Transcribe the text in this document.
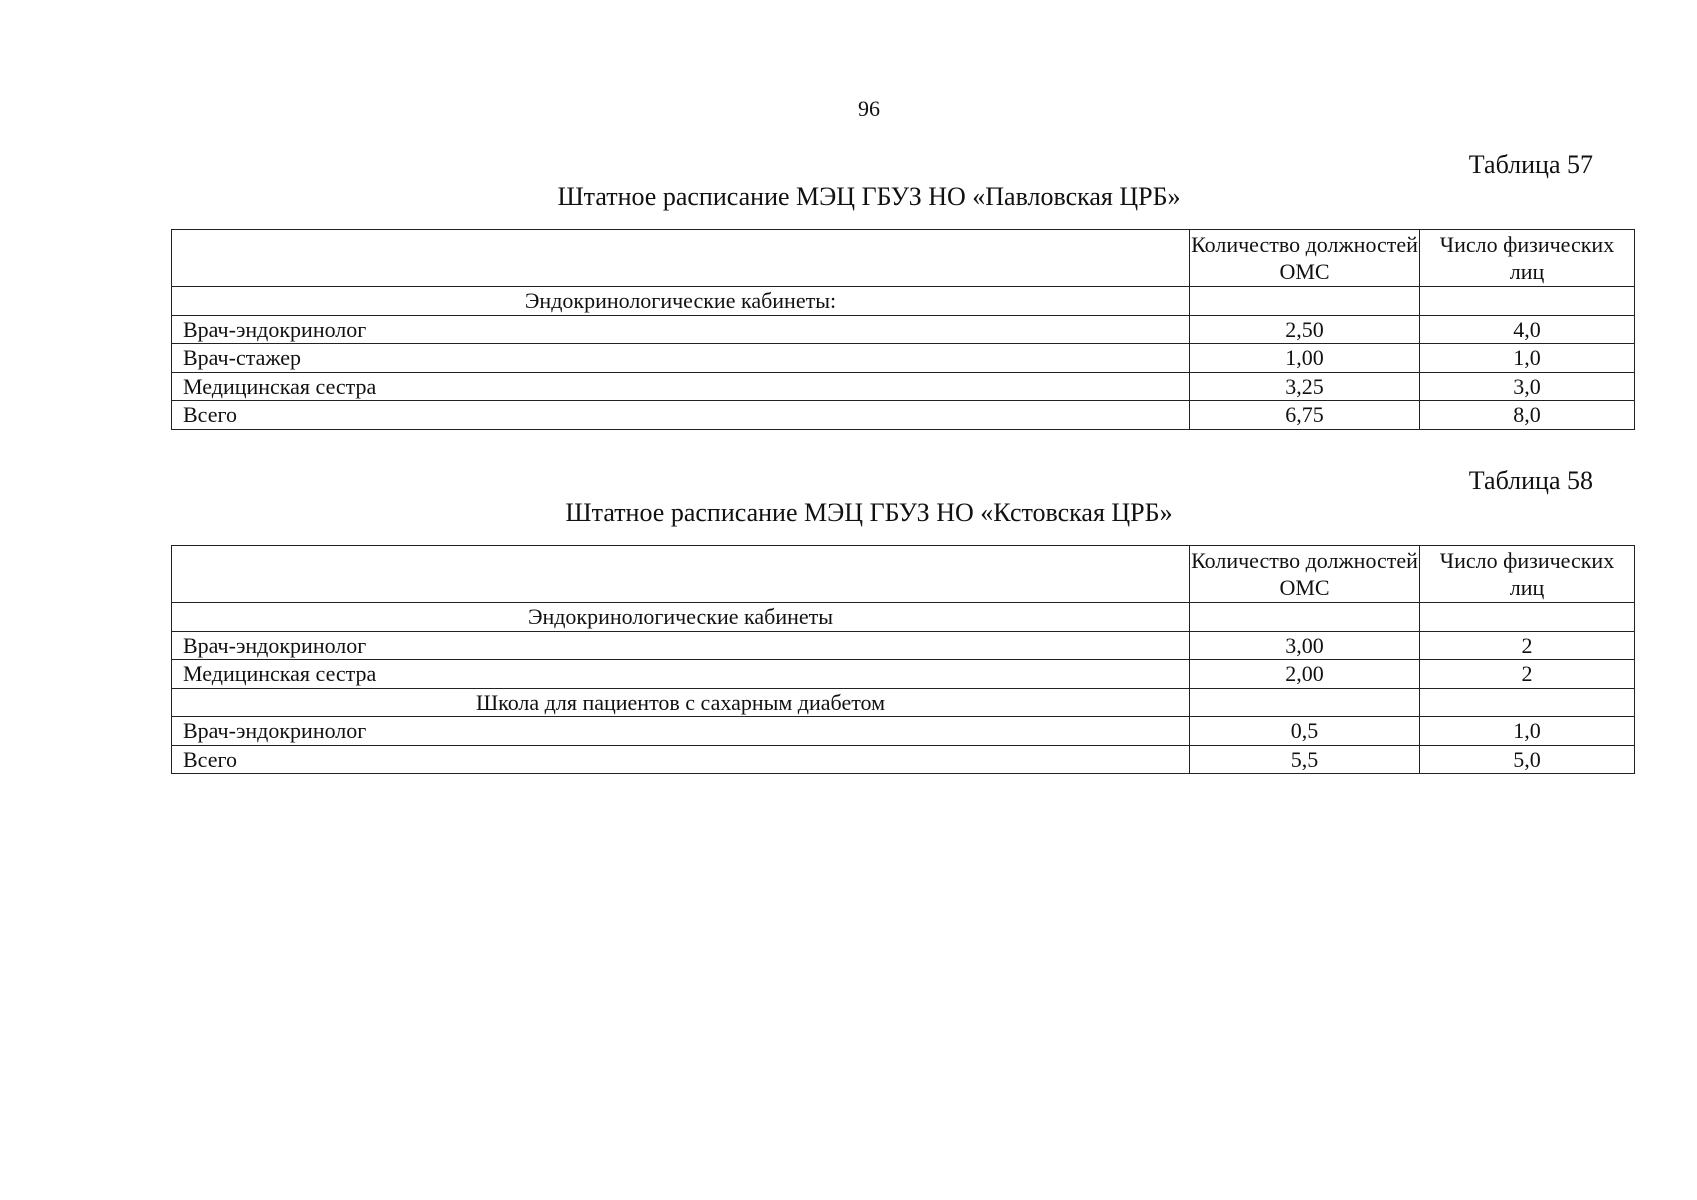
96
Таблица 57
Штатное расписание МЭЦ ГБУЗ НО «Павловская ЦРБ»
	Количество должностей ОМС	Число физических лиц
Эндокринологические кабинеты:		
Врач-эндокринолог	2,50	4,0
Врач-стажер	1,00	1,0
Медицинская сестра	3,25	3,0
Всего	6,75	8,0
Таблица 58
Штатное расписание МЭЦ ГБУЗ НО «Кстовская ЦРБ»
	Количество должностей ОМС	Число физических лиц
Эндокринологические кабинеты		
Врач-эндокринолог	3,00	2
Медицинская сестра	2,00	2
Школа для пациентов с сахарным диабетом		
Врач-эндокринолог	0,5	1,0
Всего	5,5	5,0
